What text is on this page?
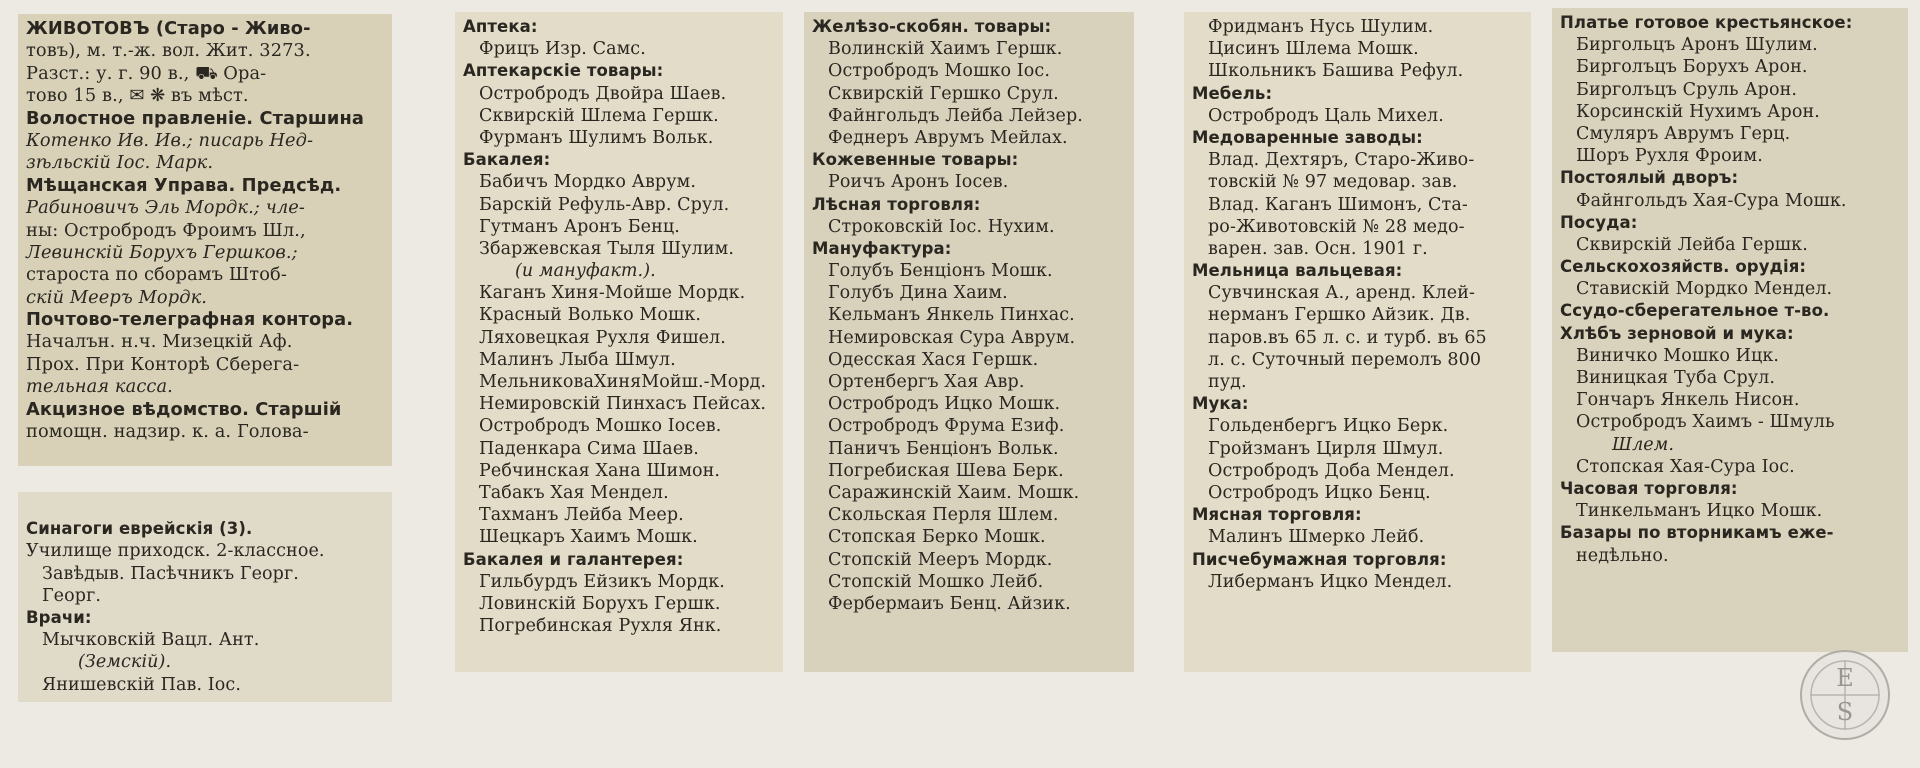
ЖИВОТОВЪ (Старо - Живо-
товъ), м. т.-ж. вол. Жит. 3273.
Разст.: у. г. 90 в., ⛟ Ора-
тово 15 в., ✉ ❋ въ мѣст.
Волостное правленіе. Старшина
Котенко Ив. Ив.; писарь Нед-
зѣльскій Іос. Марк.
Мѣщанская Управа. Предсѣд.
Рабиновичъ Эль Мордк.; чле-
ны: Остробродъ Фроимъ Шл.,
Левинскій Борухъ Гершков.;
староста по сборамъ Штоб-
скій Мееръ Мордк.
Почтово-телеграфная контора.
Началън. н.ч. Мизецкій Аф.
Прох. При Конторѣ Сберега-
тельная касса.
Акцизное вѣдомство. Старшій
помощн. надзир. к. а. Голова-
Синагоги еврейскія (3).
Училище приходск. 2-классное.
Завѣдыв. Пасѣчникъ Георг.
Георг.
Врачи:
Мычковскій Вацл. Ант.
(Земскій).
Янишевскій Пав. Іос.
Аптека:
Фрицъ Изр. Самс.
Аптекарскіе товары:
Остробродъ Двойра Шаев.
Сквирскій Шлема Гершк.
Фурманъ Шулимъ Вольк.
Бакалея:
Бабичъ Мордко Аврум.
Барскій Рефуль-Авр. Срул.
Гутманъ Аронъ Бенц.
Збаржевская Тыля Шулим.
(и мануфакт.).
Каганъ Хиня-Мойше Мордк.
Красный Волько Мошк.
Ляховецкая Рухля Фишел.
Малинъ Лыба Шмул.
МельниковаХиняМойш.-Морд.
Немировскій Пинхасъ Пейсах.
Остробродъ Мошко Іосев.
Паденкара Сима Шаев.
Ребчинская Хана Шимон.
Табакъ Хая Мендел.
Тахманъ Лейба Меер.
Шецкаръ Хаимъ Мошк.
Бакалея и галантерея:
Гильбурдъ Ейзикъ Мордк.
Ловинскій Борухъ Гершк.
Погребинская Рухля Янк.
Желѣзо-скобян. товары:
Волинскій Хаимъ Гершк.
Остробродъ Мошко Іос.
Сквирскій Гершко Срул.
Файнгольдъ Лейба Лейзер.
Феднеръ Аврумъ Мейлах.
Кожевенные товары:
Роичъ Аронъ Іосев.
Лѣсная торговля:
Строковскій Іос. Нухим.
Мануфактура:
Голубъ Бенціонъ Мошк.
Голубъ Дина Хаим.
Кельманъ Янкель Пинхас.
Немировская Сура Аврум.
Одесская Хася Гершк.
Ортенбергъ Хая Авр.
Остробродъ Ицко Мошк.
Остробродъ Фрума Езиф.
Паничъ Бенціонъ Вольк.
Погребиская Шева Берк.
Саражинскій Хаим. Мошк.
Скольская Перля Шлем.
Стопская Берко Мошк.
Стопскій Мееръ Мордк.
Стопскій Мошко Лейб.
Фербермаиъ Бенц. Айзик.
Фридманъ Нусь Шулим.
Цисинъ Шлема Мошк.
Школьникъ Башива Рефул.
Мебель:
Остробродъ Цаль Михел.
Медоваренные заводы:
Влад. Дехтяръ, Старо-Живо-
товскій № 97 медовар. зав.
Влад. Каганъ Шимонъ, Ста-
ро-Животовскій № 28 медо-
варен. зав. Осн. 1901 г.
Мельница вальцевая:
Сувчинская А., аренд. Клей-
нерманъ Гершко Айзик. Дв.
паров.въ 65 л. с. и турб. въ 65
л. с. Суточный перемолъ 800
пуд.
Мука:
Гольденбергъ Ицко Берк.
Гройзманъ Цирля Шмул.
Остробродъ Доба Мендел.
Остробродъ Ицко Бенц.
Мясная торговля:
Малинъ Шмерко Лейб.
Писчебумажная торговля:
Либерманъ Ицко Мендел.
Платье готовое крестьянское:
Биргольцъ Аронъ Шулим.
Бирголъцъ Борухъ Арон.
Бирголъцъ Сруль Арон.
Корсинскій Нухимъ Арон.
Смуляръ Аврумъ Герц.
Шоръ Рухля Фроим.
Постоялый дворъ:
Файнгольдъ Хая-Сура Мошк.
Посуда:
Сквирскій Лейба Гершк.
Сельскохозяйств. орудія:
Ставискій Мордко Мендел.
Ссудо-сберегательное т-во.
Хлѣбъ зерновой и мука:
Виничко Мошко Ицк.
Виницкая Туба Срул.
Гончаръ Янкель Нисон.
Остробродъ Хаимъ - Шмуль
Шлем.
Стопская Хая-Сура Іос.
Часовая торговля:
Тинкельманъ Ицко Мошк.
Базары по вторникамъ еже-
недѣльно.
E
S
